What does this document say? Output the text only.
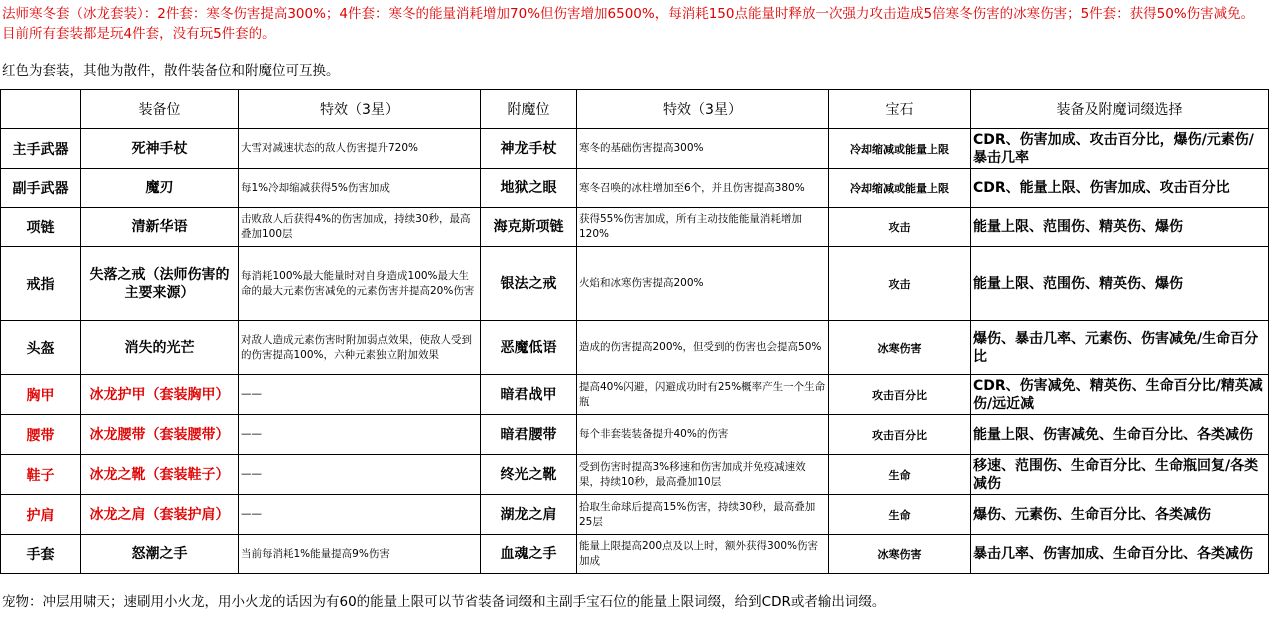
法师寒冬套（冰龙套装）：2件套：寒冬伤害提高300%；4件套：寒冬的能量消耗增加70%但伤害增加6500%，每消耗150点能量时释放一次强力攻击造成5倍寒冬伤害的冰寒伤害；5件套：获得50%伤害减免。目前所有套装都是玩4件套，没有玩5件套的。
红色为套装，其他为散件，散件装备位和附魔位可互换。
	装备位	特效（3星）	附魔位	特效（3星）	宝石	装备及附魔词缀选择
主手武器	死神手杖	大雪对减速状态的敌人伤害提升720%	神龙手杖	寒冬的基础伤害提高300%	冷却缩减或能量上限	CDR、伤害加成、攻击百分比，爆伤/元素伤/暴击几率
副手武器	魔刃	每1%冷却缩减获得5%伤害加成	地狱之眼	寒冬召唤的冰柱增加至6个，并且伤害提高380%	冷却缩减或能量上限	CDR、能量上限、伤害加成、攻击百分比
项链	清新华语	击败敌人后获得4%的伤害加成，持续30秒，最高叠加100层	海克斯项链	获得55%伤害加成，所有主动技能能量消耗增加120%	攻击	能量上限、范围伤、精英伤、爆伤
戒指	失落之戒（法师伤害的主要来源）	每消耗100%最大能量时对自身造成100%最大生命的最大元素伤害减免的元素伤害并提高20%伤害	银法之戒	火焰和冰寒伤害提高200%	攻击	能量上限、范围伤、精英伤、爆伤
头盔	消失的光芒	对敌人造成元素伤害时附加弱点效果，使敌人受到的伤害提高100%，六种元素独立附加效果	恶魔低语	造成的伤害提高200%，但受到的伤害也会提高50%	冰寒伤害	爆伤、暴击几率、元素伤、伤害减免/生命百分比
胸甲	冰龙护甲（套装胸甲）	——	暗君战甲	提高40%闪避，闪避成功时有25%概率产生一个生命瓶	攻击百分比	CDR、伤害减免、精英伤、生命百分比/精英减伤/远近减
腰带	冰龙腰带（套装腰带）	——	暗君腰带	每个非套装装备提升40%的伤害	攻击百分比	能量上限、伤害减免、生命百分比、各类减伤
鞋子	冰龙之靴（套装鞋子）	——	终光之靴	受到伤害时提高3%移速和伤害加成并免疫减速效果，持续10秒，最高叠加10层	生命	移速、范围伤、生命百分比、生命瓶回复/各类减伤
护肩	冰龙之肩（套装护肩）	——	湖龙之肩	拾取生命球后提高15%伤害，持续30秒，最高叠加25层	生命	爆伤、元素伤、生命百分比、各类减伤
手套	怒潮之手	当前每消耗1%能量提高9%伤害	血魂之手	能量上限提高200点及以上时，额外获得300%伤害加成	冰寒伤害	暴击几率、伤害加成、生命百分比、各类减伤
宠物：冲层用啸天；速刷用小火龙，用小火龙的话因为有60的能量上限可以节省装备词缀和主副手宝石位的能量上限词缀，给到CDR或者输出词缀。
